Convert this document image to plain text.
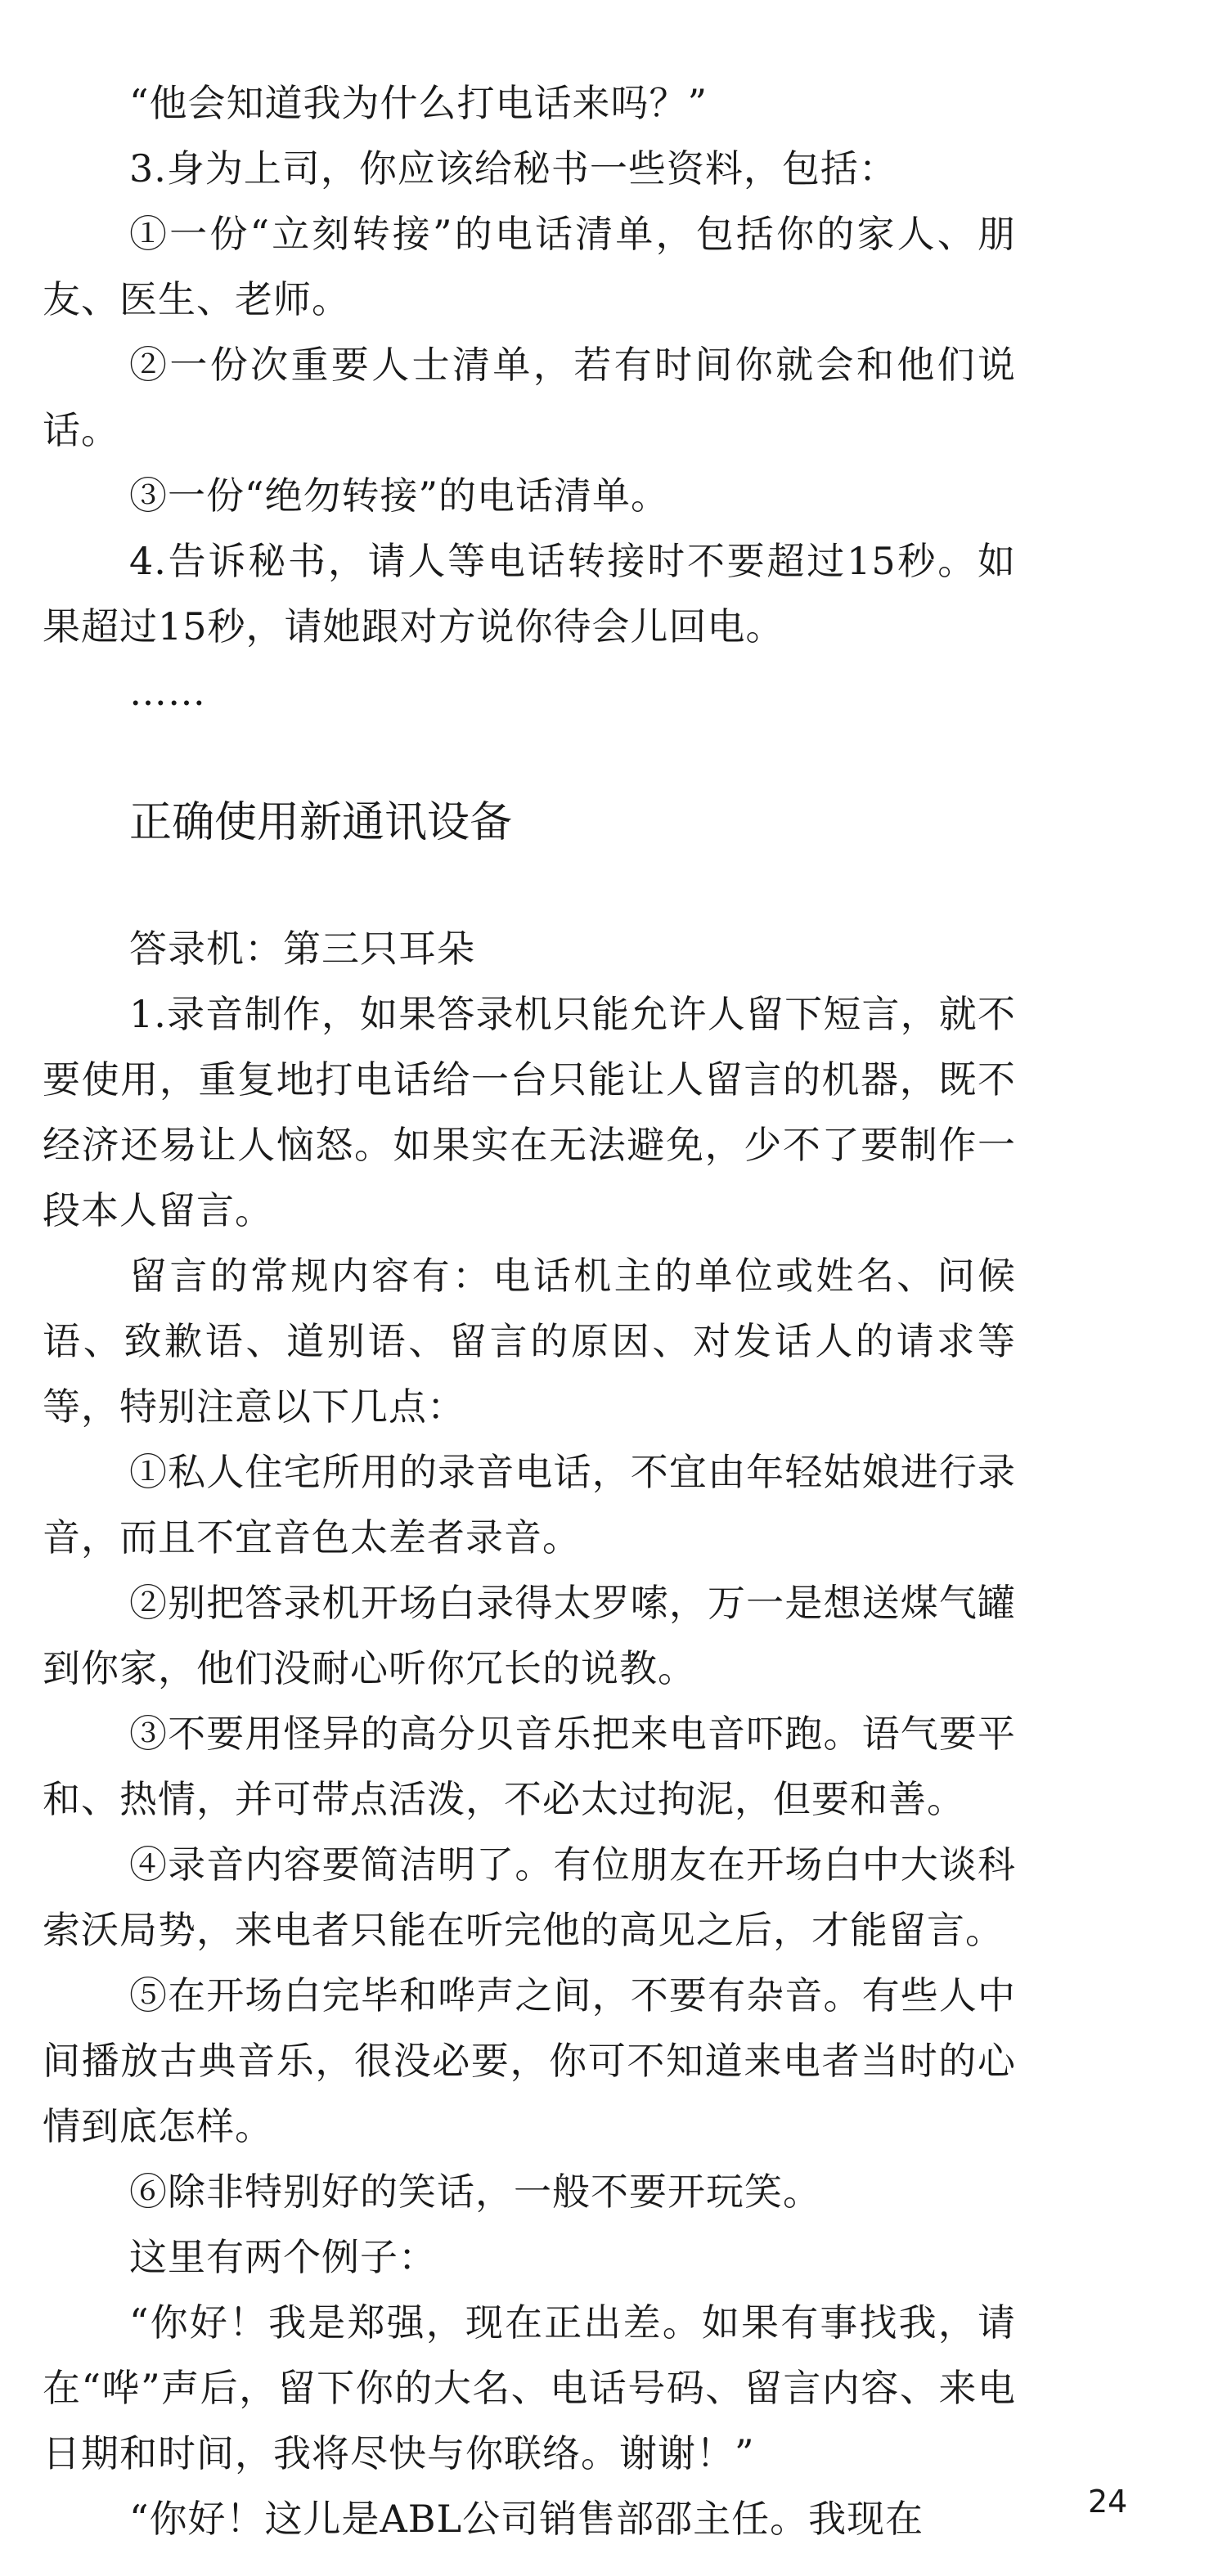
“他会知道我为什么打电话来吗？”

3.身为上司，你应该给秘书一些资料，包括：

①一份“立刻转接”的电话清单，包括你的家人、朋友、医生、老师。

②一份次重要人士清单，若有时间你就会和他们说话。

③一份“绝勿转接”的电话清单。

4.告诉秘书，请人等电话转接时不要超过15秒。如果超过15秒，请她跟对方说你待会儿回电。

……

正确使用新通讯设备

答录机：第三只耳朵

1.录音制作，如果答录机只能允许人留下短言，就不要使用，重复地打电话给一台只能让人留言的机器，既不经济还易让人恼怒。如果实在无法避免，少不了要制作一段本人留言。

留言的常规内容有：电话机主的单位或姓名、问候语、致歉语、道别语、留言的原因、对发话人的请求等等，特别注意以下几点：

①私人住宅所用的录音电话，不宜由年轻姑娘进行录音，而且不宜音色太差者录音。

②别把答录机开场白录得太罗嗦，万一是想送煤气罐到你家，他们没耐心听你冗长的说教。

③不要用怪异的高分贝音乐把来电音吓跑。语气要平和、热情，并可带点活泼，不必太过拘泥，但要和善。

④录音内容要简洁明了。有位朋友在开场白中大谈科索沃局势，来电者只能在听完他的高见之后，才能留言。

⑤在开场白完毕和哗声之间，不要有杂音。有些人中间播放古典音乐，很没必要，你可不知道来电者当时的心情到底怎样。

⑥除非特别好的笑话，一般不要开玩笑。

这里有两个例子：

“你好！我是郑强，现在正出差。如果有事找我，请在“哗”声后，留下你的大名、电话号码、留言内容、来电日期和时间，我将尽快与你联络。谢谢！”

“你好！这儿是ABL公司销售部邵主任。我现在	24
